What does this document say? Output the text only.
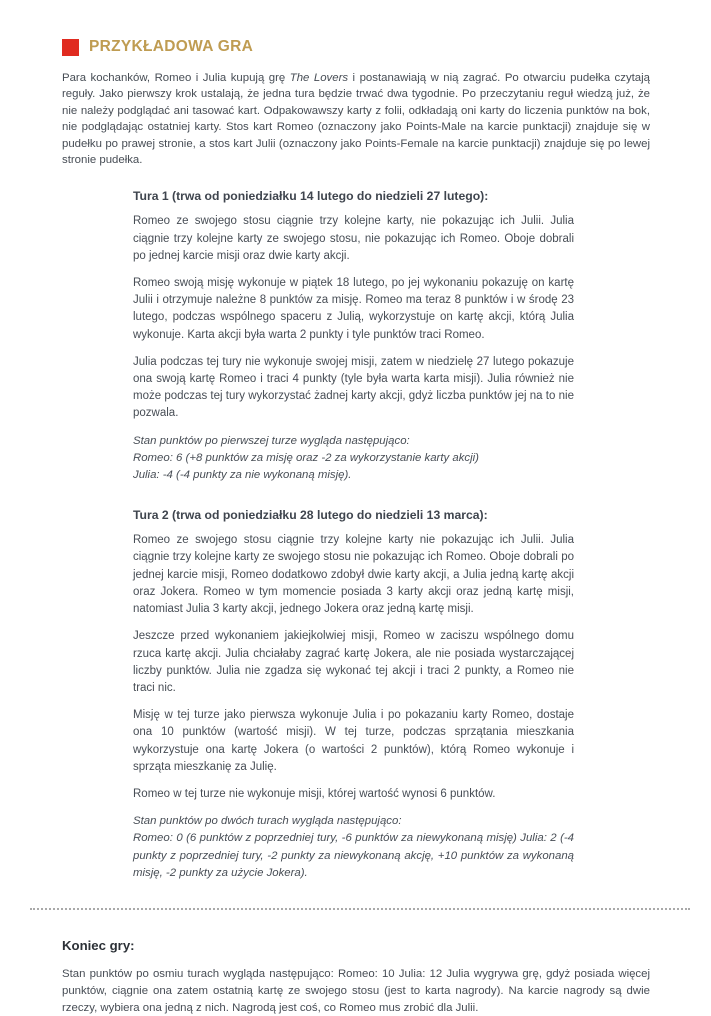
PRZYKŁADOWA GRA

Para kochanków, Romeo i Julia kupują grę The Lovers i postanawiają w nią zagrać. Po otwarciu pudełka czytają reguły. Jako pierwszy krok ustalają, że jedna tura będzie trwać dwa tygodnie. Po przeczytaniu reguł wiedzą już, że nie należy podglądać ani tasować kart. Odpakowawszy karty z folii, odkładają oni karty do liczenia punktów na bok, nie podglądając ostatniej karty. Stos kart Romeo (oznaczony jako Points-Male na karcie punktacji) znajduje się w pudełku po prawej stronie, a stos kart Julii (oznaczony jako Points-Female na karcie punktacji) znajduje się po lewej stronie pudełka.

Tura 1 (trwa od poniedziałku 14 lutego do niedzieli 27 lutego):

Romeo ze swojego stosu ciągnie trzy kolejne karty, nie pokazując ich Julii. Julia ciągnie trzy kolejne karty ze swojego stosu, nie pokazując ich Romeo. Oboje dobrali po jednej karcie misji oraz dwie karty akcji.

Romeo swoją misję wykonuje w piątek 18 lutego, po jej wykonaniu pokazuję on kartę Julii i otrzymuje należne 8 punktów za misję. Romeo ma teraz 8 punktów i w środę 23 lutego, podczas wspólnego spaceru z Julią, wykorzystuje on kartę akcji, którą Julia wykonuje. Karta akcji była warta 2 punkty i tyle punktów traci Romeo.

Julia podczas tej tury nie wykonuje swojej misji, zatem w niedzielę 27 lutego pokazuje ona swoją kartę Romeo i traci 4 punkty (tyle była warta karta misji). Julia również nie może podczas tej tury wykorzystać żadnej karty akcji, gdyż liczba punktów jej na to nie pozwala.

Stan punktów po pierwszej turze wygląda następująco:
Romeo: 6 (+8 punktów za misję oraz -2 za wykorzystanie karty akcji)
Julia: -4 (-4 punkty za nie wykonaną misję).
Tura 2 (trwa od poniedziałku 28 lutego do niedzieli 13 marca):

Romeo ze swojego stosu ciągnie trzy kolejne karty nie pokazując ich Julii. Julia ciągnie trzy kolejne karty ze swojego stosu nie pokazując ich Romeo. Oboje dobrali po jednej karcie misji, Romeo dodatkowo zdobył dwie karty akcji, a Julia jedną kartę akcji oraz Jokera. Romeo w tym momencie posiada 3 karty akcji oraz jedną kartę misji, natomiast Julia 3 karty akcji, jednego Jokera oraz jedną kartę misji.

Jeszcze przed wykonaniem jakiejkolwiej misji, Romeo w zaciszu wspólnego domu rzuca kartę akcji. Julia chciałaby zagrać kartę Jokera, ale nie posiada wystarczającej liczby punktów. Julia nie zgadza się wykonać tej akcji i traci 2 punkty, a Romeo nie traci nic.

Misję w tej turze jako pierwsza wykonuje Julia i po pokazaniu karty Romeo, dostaje ona 10 punktów (wartość misji). W tej turze, podczas sprzątania mieszkania wykorzystuje ona kartę Jokera (o wartości 2 punktów), którą Romeo wykonuje i sprząta mieszkanię za Julię.

Romeo w tej turze nie wykonuje misji, której wartość wynosi 6 punktów.

Stan punktów po dwóch turach wygląda następująco:
Romeo: 0 (6 punktów z poprzedniej tury, -6 punktów za niewykonaną misję) Julia: 2 (-4 punkty z poprzedniej tury, -2 punkty za niewykonaną akcję, +10 punktów za wykonaną misję, -2 punkty za użycie Jokera).
Koniec gry:

Stan punktów po osmiu turach wygląda następująco: Romeo: 10 Julia: 12 Julia wygrywa grę, gdyż posiada więcej punktów, ciągnie ona zatem ostatnią kartę ze swojego stosu (jest to karta nagrody). Na karcie nagrody są dwie rzeczy, wybiera ona jedną z nich. Nagrodą jest coś, co Romeo mus zrobić dla Julii.
